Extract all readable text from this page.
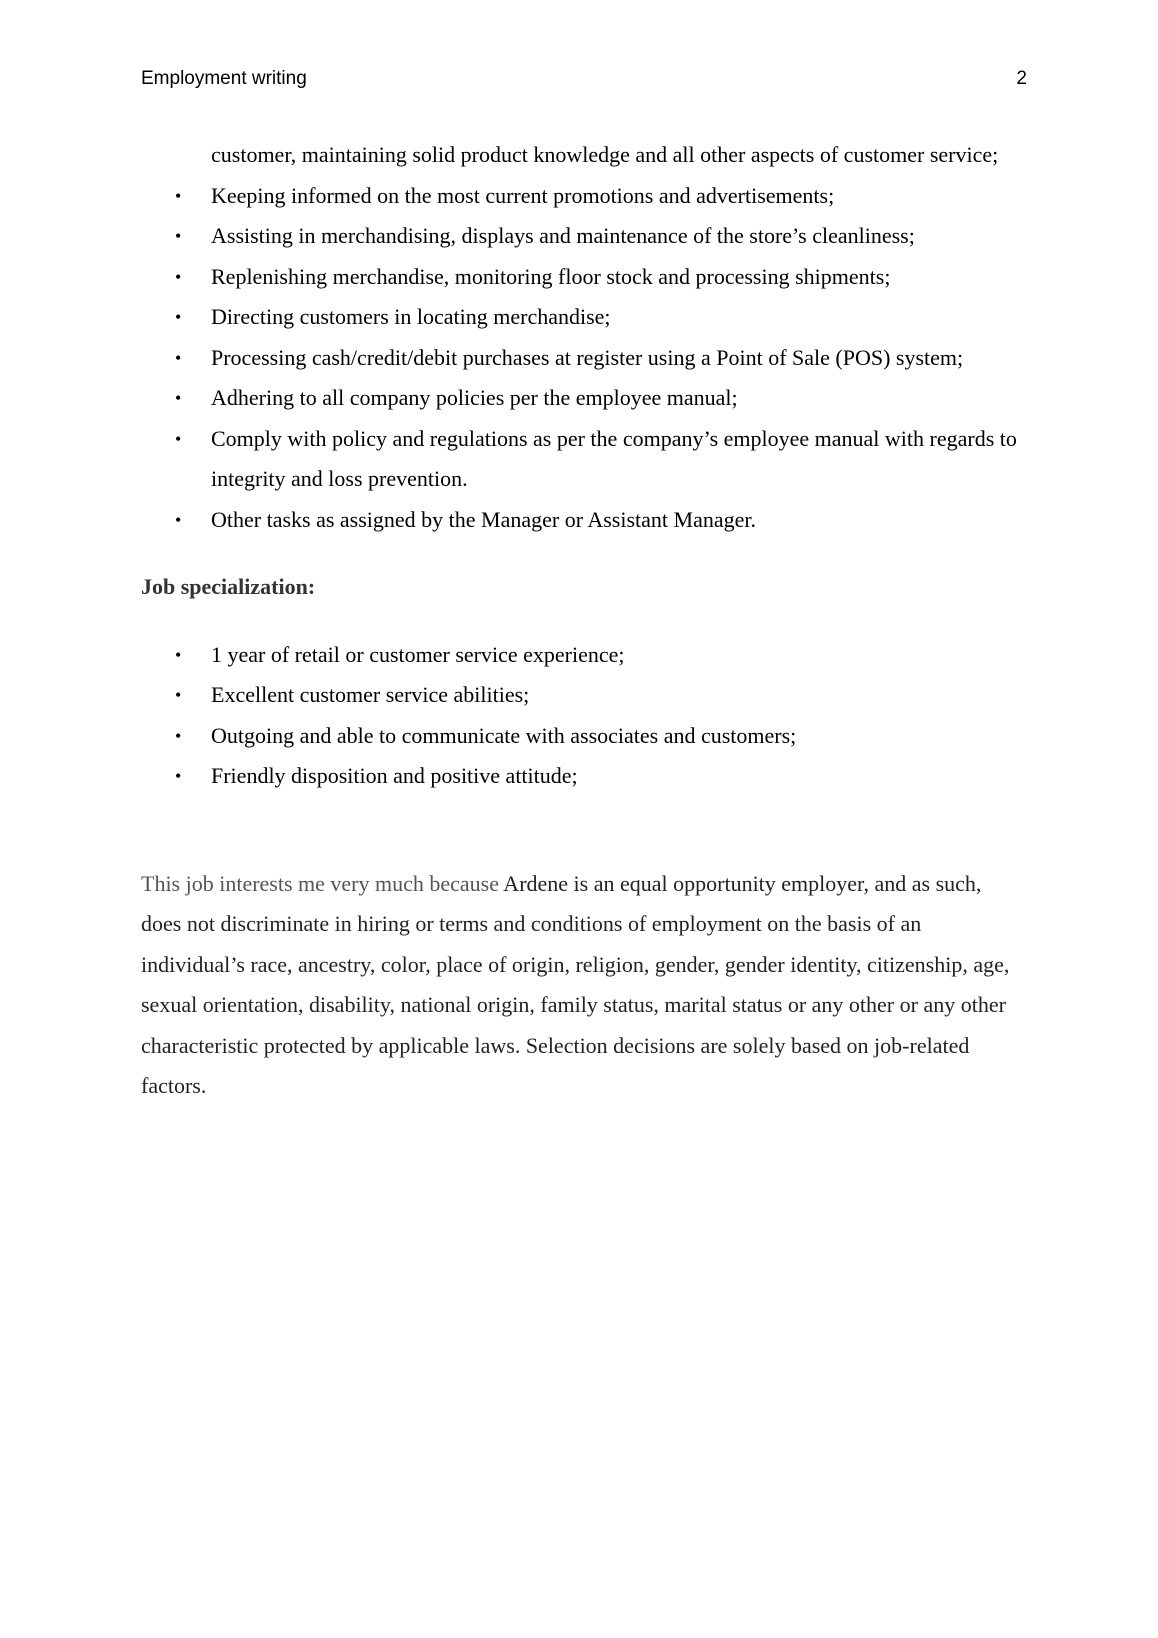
Employment writing	2
customer, maintaining solid product knowledge and all other aspects of customer service;
• Keeping informed on the most current promotions and advertisements;
• Assisting in merchandising, displays and maintenance of the store’s cleanliness;
• Replenishing merchandise, monitoring floor stock and processing shipments;
• Directing customers in locating merchandise;
• Processing cash/credit/debit purchases at register using a Point of Sale (POS) system;
• Adhering to all company policies per the employee manual;
• Comply with policy and regulations as per the company’s employee manual with regards to integrity and loss prevention.
• Other tasks as assigned by the Manager or Assistant Manager.
Job specialization:
• 1 year of retail or customer service experience;
• Excellent customer service abilities;
• Outgoing and able to communicate with associates and customers;
• Friendly disposition and positive attitude;
This job interests me very much because Ardene is an equal opportunity employer, and as such, does not discriminate in hiring or terms and conditions of employment on the basis of an individual’s race, ancestry, color, place of origin, religion, gender, gender identity, citizenship, age, sexual orientation, disability, national origin, family status, marital status or any other or any other characteristic protected by applicable laws. Selection decisions are solely based on job-related factors.
